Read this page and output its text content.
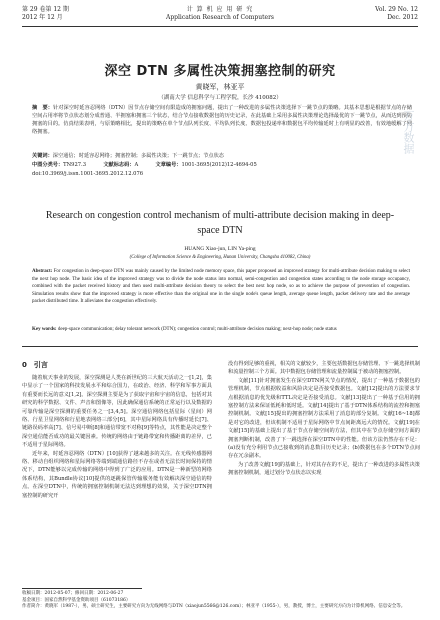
第 29 卷第 12 期
2012 年 12 月
计 算 机 应 用 研 究
Application Research of Computers
Vol. 29 No. 12
Dec. 2012
深空 DTN 多属性决策拥塞控制的研究
黄晓军，林亚平
（湖南大学 信息科学与工程学院，长沙 410082）
摘　要：针对深空时延容忍网络（DTN）因节点存储空间有限造成的拥塞问题，提出了一种改进的多属性决策选择下一跳节点的策略。其基本思想是根据节点的存储空间占用率将节点状态划分成普通、半拥塞和拥塞三个状态，结合节点接收数据包的历史记录，在此基础上采用多属性决策理论选择最优的下一跳节点，从而达到预防拥塞的目的。仿真结果表明，与原策略相比，提出的策略在单个节点队列长度、平均队列长度、数据包投递率和数据包平均传输延时上有明显的改善，有效地缓解了网络拥塞。
关键词：深空通信；时延容忍网络；拥塞控制；多属性决策；下一跳节点；节点状态
中图分类号：TN927.3	文献标志码：A	文章编号：1001-3695(2012)12-4694-05
doi:10.3969/j.issn.1001-3695.2012.12.076
Research on congestion control mechanism of multi-attribute decision making in deep-space DTN
HUANG Xiao-jun, LIN Ya-ping
(College of Information Science & Engineering, Hunan University, Changsha 410082, China)
Abstract: For congestion in deep-space DTN was mainly caused by the limited node memory space, this paper proposed an improved strategy for multi-attribute decision making to select the next hop node. The basic idea of the improved strategy was to divide the node status into normal, semi-congestion and congestion states according to the node storage occupancy, combined with the packet received history and then used multi-attribute decision theory to select the best next hop node, so as to achieve the purpose of prevention of congestion. Simulation results show that the improved strategy is more effective than the original one in the single node's queue length, average queue length, packet delivery rate and the average packet distributed time. It alleviates the congestion effectively.
Key words: deep-space communication; delay tolerant network (DTN); congestion control; multi-attribute decision making; next-hop node; node status
0　引言
随着航天事业的发展，深空探测是人类在新世纪的三大航天活动之一[1,2]，集中显示了一个国家的科技发展水平和综合国力，在政治、经济、科学和军事方面具有重要而长远的意义[1,2]。深空探测主要是为了获取宇宙和宇宙的信息，包括对其研究的科学数据、文件、声音和图像等，因此确保通信系统的正常运行以及数据的可靠传输是深空探测的重要任务之一[3,4,5]。深空通信网络包括星际（星间）网络、行星卫星网络和行星地表网络三部分[6]，其中星际网络具有传播时延长[7]、链路误码率高[7]、信号易中断[8]和通信带宽不对称[9]等特点，其性能是决定整个深空通信能否成功的最关键因素。传统的网络由于链路带宽和传播距离的差异，已不适用于星际网络。
近年来，时延容忍网络（DTN）[10]获得了越来越多的关注。在无线传感器网络、移动自组织网络和星际网络等端到端通信路径不存在或者无法长时间保持的情况下，DTN能够以完成传输的网络中得到了广泛的应用。DTN是一种新型的网络体系结构，其Bundle协议[10]提供的逐跳保管传输服务能有效解决深空通信的特点。在深空DTN中，传统的拥塞控制机制无法达到理想的效果，关于深空DTN拥塞控制的研究开
没有得到足够的重视，相关的文献较少，主要包括数据包存储管理、下一跳选择机制和流量控制三个方面。其中数据包存储管理和流量控制属于被动的拥塞控制。
文献[11]针对拥塞发生在深空DTN网关节点的情况，提出了一种基于数据包的管理机制，节点根据收益和风险决定是否接受数据包。文献[12]提出的方法要求节点根据消息的优先级和TTL决定是否接受消息。文献[13]提出了一种基于信用的拥塞控制方法来保证低耗和低时延。文献[14]提出了基于DTN体系结构的流控和拥塞控制机制。文献[15]提出的拥塞控制方法采用了消息的部分复制。文献[16~18]都是对它的改进，但该机制不适用于星际网络中节点间距离远大的情况。文献[19]在文献[15]的基础上提出了基于节点存储空间的方法，但其中在节点存储空间方面的拥塞判断机制，改善了下一跳选择在深空DTN中的性能。但该方法仍然存在不足：(a)没有充分利用节点已接收到的消息数目历史记录；(b)数据包在多个DTN节点间存在冗余副本。
为了改善文献[19]的基础上，针对其存在的不足，提出了一种改进的多属性决策拥塞控制机制，通过划分节点状态以实现
收稿日期：2012-05-07；修回日期：2012-06-27
基金项目：国家自然科学基金资助项目（61073186）
作者简介：黄晓军（1987-），男，硕士研究生，主要研究方向为无线网络与DTN（xiaojun5566@126.com）；林亚平（1955-），男，教授，博士，主要研究方向为计算机网络、信息安全等。
万方数据
